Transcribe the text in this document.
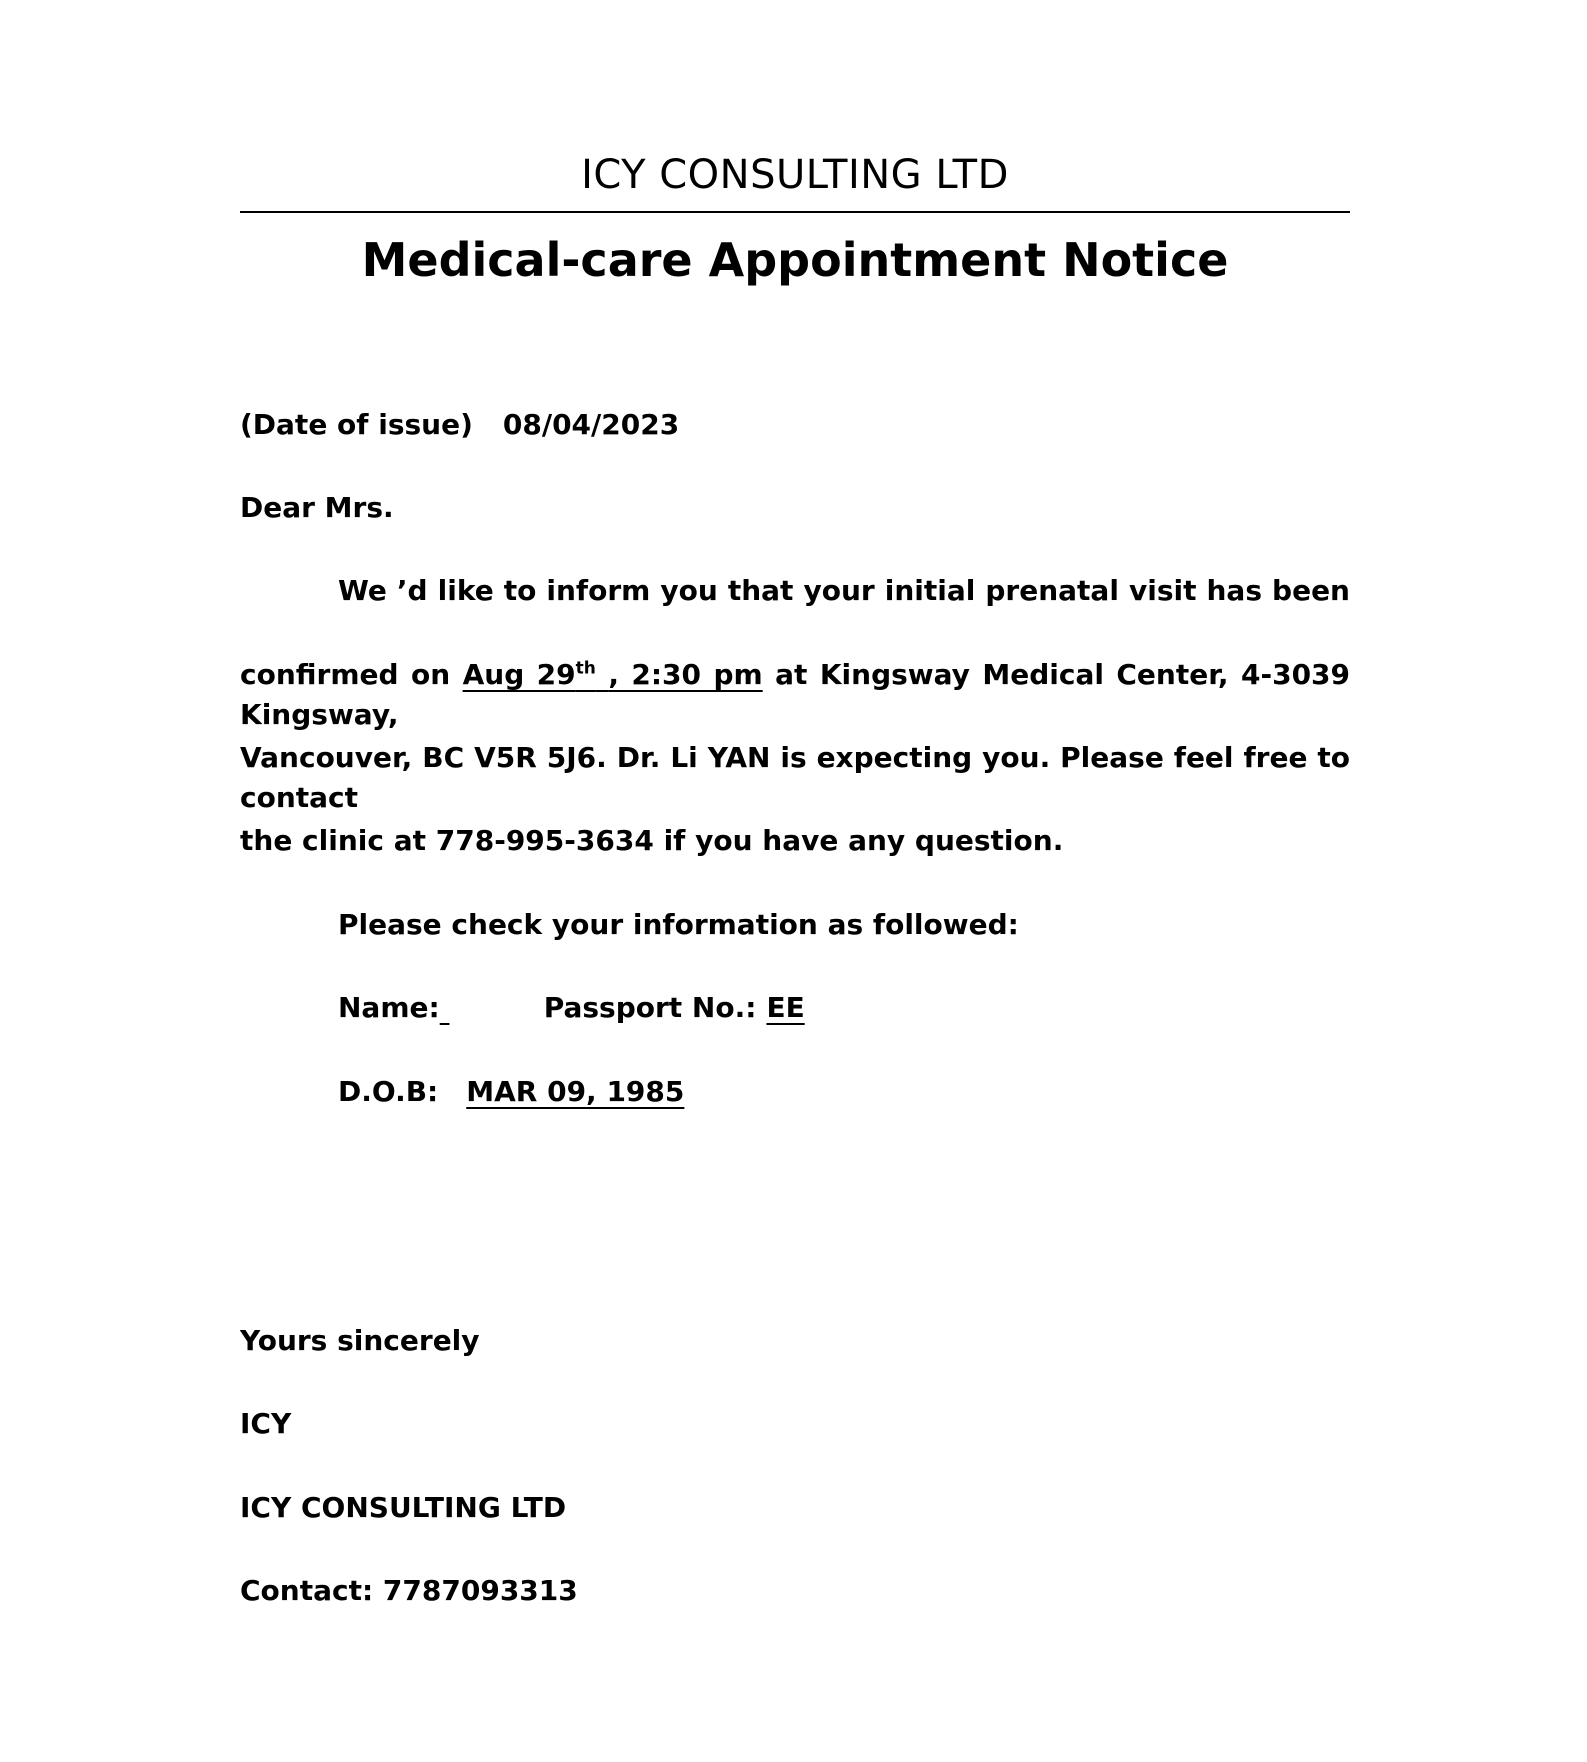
ICY CONSULTING LTD
Medical-care Appointment Notice
(Date of issue) 08/04/2023
Dear Mrs.
We ’d like to inform you that your initial prenatal visit has been
confirmed on Aug 29th , 2:30 pm at Kingsway Medical Center, 4-3039 Kingsway,
Vancouver, BC V5R 5J6. Dr. Li YAN is expecting you. Please feel free to contact
the clinic at 778-995-3634 if you have any question.
Please check your information as followed:
Name:	Passport No.: EE
D.O.B: MAR 09, 1985
Yours sincerely
ICY
ICY CONSULTING LTD
Contact: 7787093313
